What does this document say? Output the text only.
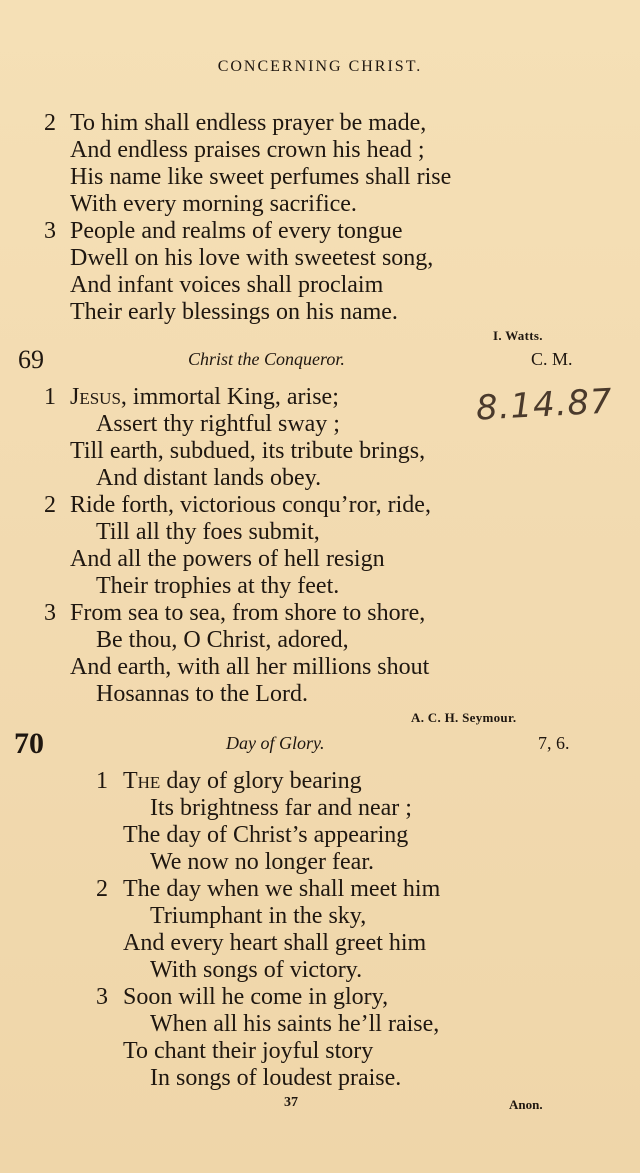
CONCERNING CHRIST.
2 To him shall endless prayer be made,
And endless praises crown his head ;
His name like sweet perfumes shall rise
With every morning sacrifice.
3 People and realms of every tongue
Dwell on his love with sweetest song,
And infant voices shall proclaim
Their early blessings on his name.
I. Watts.
69	Christ the Conqueror.	C. M.
8.14.87
1 Jesus, immortal King, arise;
Assert thy rightful sway ;
Till earth, subdued, its tribute brings,
And distant lands obey.
2 Ride forth, victorious conqu’ror, ride,
Till all thy foes submit,
And all the powers of hell resign
Their trophies at thy feet.
3 From sea to sea, from shore to shore,
Be thou, O Christ, adored,
And earth, with all her millions shout
Hosannas to the Lord.
A. C. H. Seymour.
70	Day of Glory.	7, 6.
1 The day of glory bearing
Its brightness far and near ;
The day of Christ’s appearing
We now no longer fear.
2 The day when we shall meet him
Triumphant in the sky,
And every heart shall greet him
With songs of victory.
3 Soon will he come in glory,
When all his saints he’ll raise,
To chant their joyful story
In songs of loudest praise.
37	Anon.
